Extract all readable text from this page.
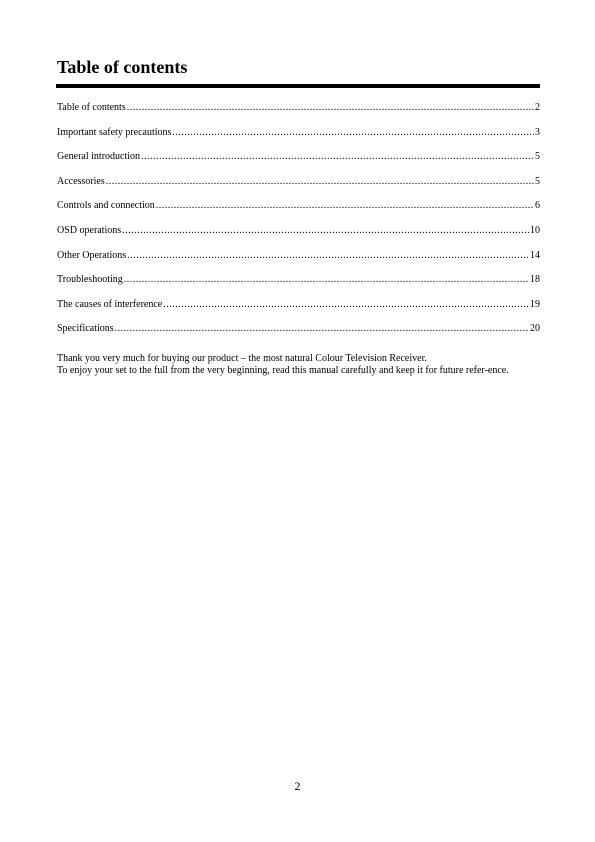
Table of contents
Table of contents .....	2
Important safety precautions .....	3
General introduction .....	5
Accessories .....	5
Controls and connection .....	6
OSD operations .....	10
Other Operations .....	14
Troubleshooting .....	18
The causes of interference .....	19
Specifications .....	20

Thank you very much for buying our product – the most natural Colour Television Receiver.
To enjoy your set to the full from the very beginning, read this manual carefully and keep it for future refer-ence.

2
